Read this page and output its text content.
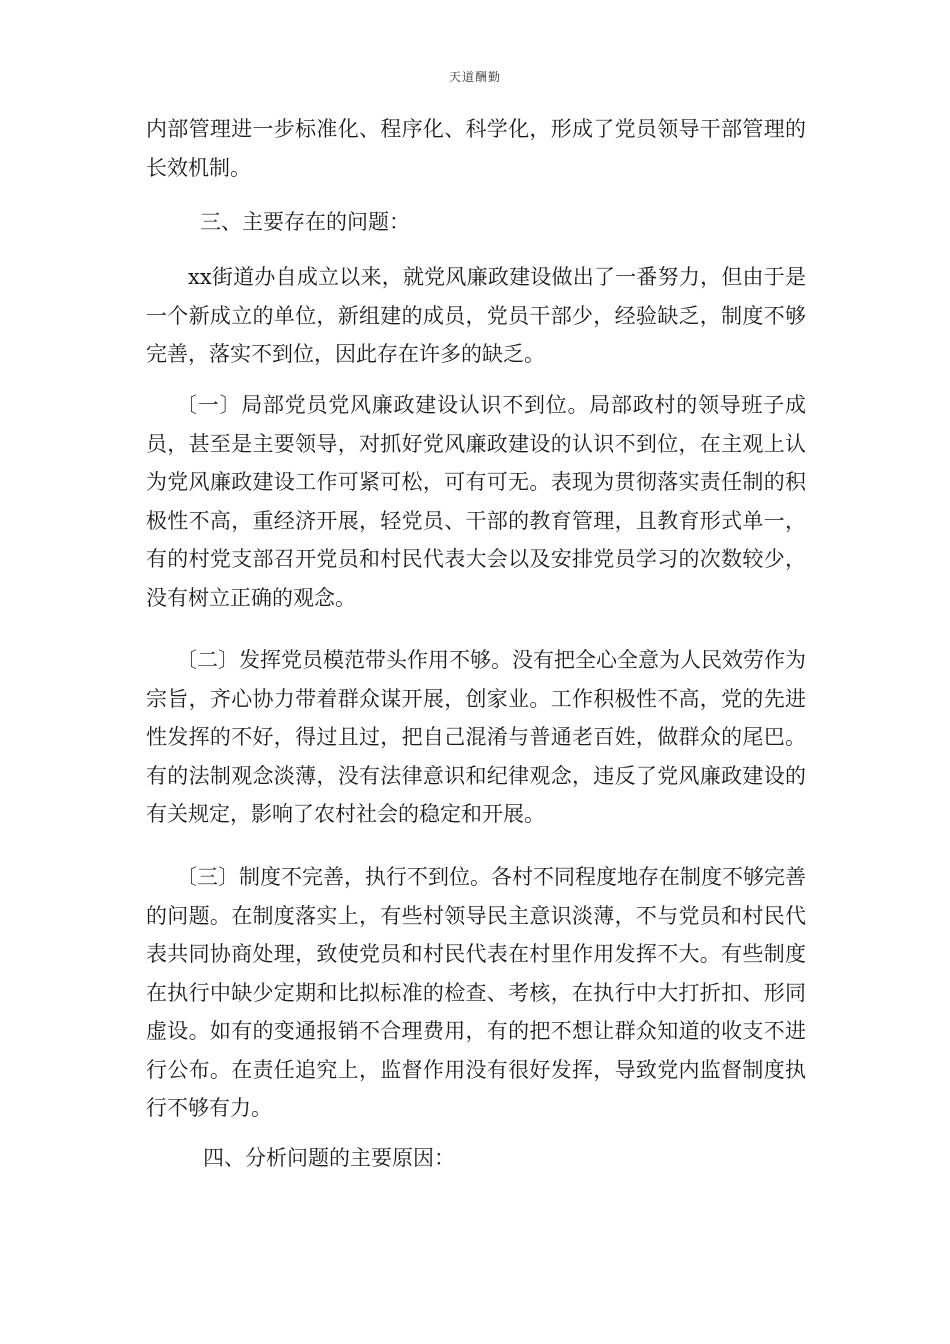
天道酬勤

内部管理进一步标准化、程序化、科学化，形成了党员领导干部管理的长效机制。

三、主要存在的问题：

xx街道办自成立以来，就党风廉政建设做出了一番努力，但由于是一个新成立的单位，新组建的成员，党员干部少，经验缺乏，制度不够完善，落实不到位，因此存在许多的缺乏。

〔一〕局部党员党风廉政建设认识不到位。局部政村的领导班子成员，甚至是主要领导，对抓好党风廉政建设的认识不到位，在主观上认为党风廉政建设工作可紧可松，可有可无。表现为贯彻落实责任制的积极性不高，重经济开展，轻党员、干部的教育管理，且教育形式单一，有的村党支部召开党员和村民代表大会以及安排党员学习的次数较少，没有树立正确的观念。

〔二〕发挥党员模范带头作用不够。没有把全心全意为人民效劳作为宗旨，齐心协力带着群众谋开展，创家业。工作积极性不高，党的先进性发挥的不好，得过且过，把自己混淆与普通老百姓，做群众的尾巴。有的法制观念淡薄，没有法律意识和纪律观念，违反了党风廉政建设的有关规定，影响了农村社会的稳定和开展。

〔三〕制度不完善，执行不到位。各村不同程度地存在制度不够完善的问题。在制度落实上，有些村领导民主意识淡薄，不与党员和村民代表共同协商处理，致使党员和村民代表在村里作用发挥不大。有些制度在执行中缺少定期和比拟标准的检查、考核，在执行中大打折扣、形同虚设。如有的变通报销不合理费用，有的把不想让群众知道的收支不进行公布。在责任追究上，监督作用没有很好发挥，导致党内监督制度执行不够有力。

四、分析问题的主要原因：
